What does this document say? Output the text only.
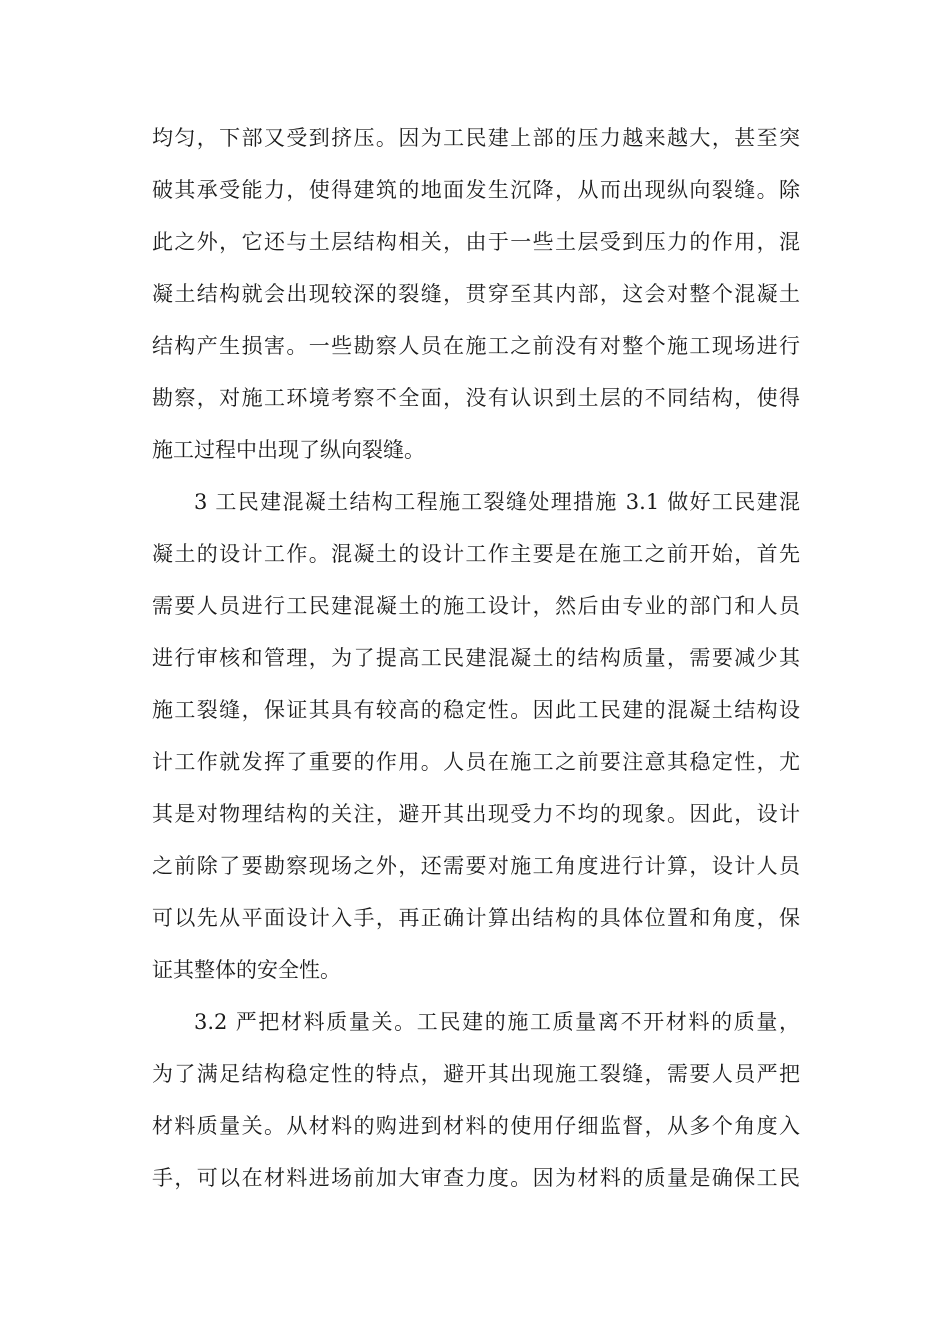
均匀，下部又受到挤压。因为工民建上部的压力越来越大，甚至突
破其承受能力，使得建筑的地面发生沉降，从而出现纵向裂缝。除
此之外，它还与土层结构相关，由于一些土层受到压力的作用，混
凝土结构就会出现较深的裂缝，贯穿至其内部，这会对整个混凝土
结构产生损害。一些勘察人员在施工之前没有对整个施工现场进行
勘察，对施工环境考察不全面，没有认识到土层的不同结构，使得
施工过程中出现了纵向裂缝。
3 工民建混凝土结构工程施工裂缝处理措施 3.1 做好工民建混
凝土的设计工作。混凝土的设计工作主要是在施工之前开始，首先
需要人员进行工民建混凝土的施工设计，然后由专业的部门和人员
进行审核和管理，为了提高工民建混凝土的结构质量，需要减少其
施工裂缝，保证其具有较高的稳定性。因此工民建的混凝土结构设
计工作就发挥了重要的作用。人员在施工之前要注意其稳定性，尤
其是对物理结构的关注，避开其出现受力不均的现象。因此，设计
之前除了要勘察现场之外，还需要对施工角度进行计算，设计人员
可以先从平面设计入手，再正确计算出结构的具体位置和角度，保
证其整体的安全性。
3.2 严把材料质量关。工民建的施工质量离不开材料的质量，
为了满足结构稳定性的特点，避开其出现施工裂缝，需要人员严把
材料质量关。从材料的购进到材料的使用仔细监督，从多个角度入
手，可以在材料进场前加大审查力度。因为材料的质量是确保工民
